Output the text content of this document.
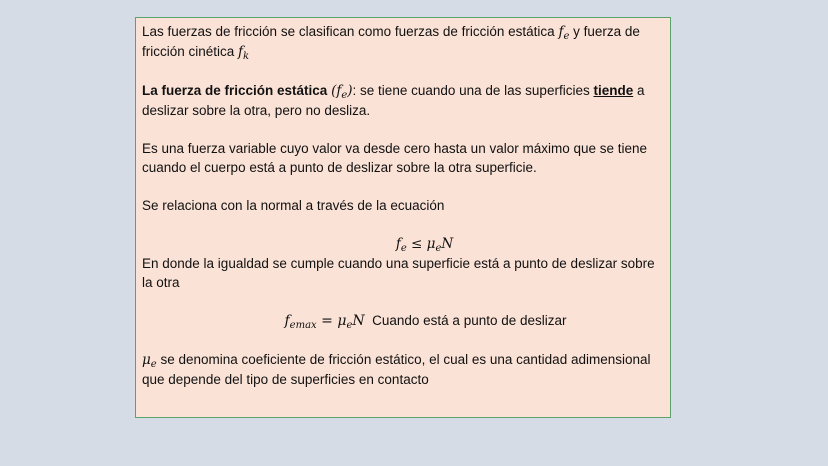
Las fuerzas de fricción se clasifican como fuerzas de fricción estática $f_e$ y fuerza de fricción cinética $f_k$

La fuerza de fricción estática $(f_e)$: se tiene cuando una de las superficies tiende a deslizar sobre la otra, pero no desliza.

Es una fuerza variable cuyo valor va desde cero hasta un valor máximo que se tiene cuando el cuerpo está a punto de deslizar sobre la otra superficie.

Se relaciona con la normal a través de la ecuación

$f_e \le \mu_eN$

En donde la igualdad se cumple cuando una superficie está a punto de deslizar sobre la otra

$f_{emax} = \mu_eN$ Cuando está a punto de deslizar

$\mu_e$ se denomina coeficiente de fricción estático, el cual es una cantidad adimensional que depende del tipo de superficies en contacto
